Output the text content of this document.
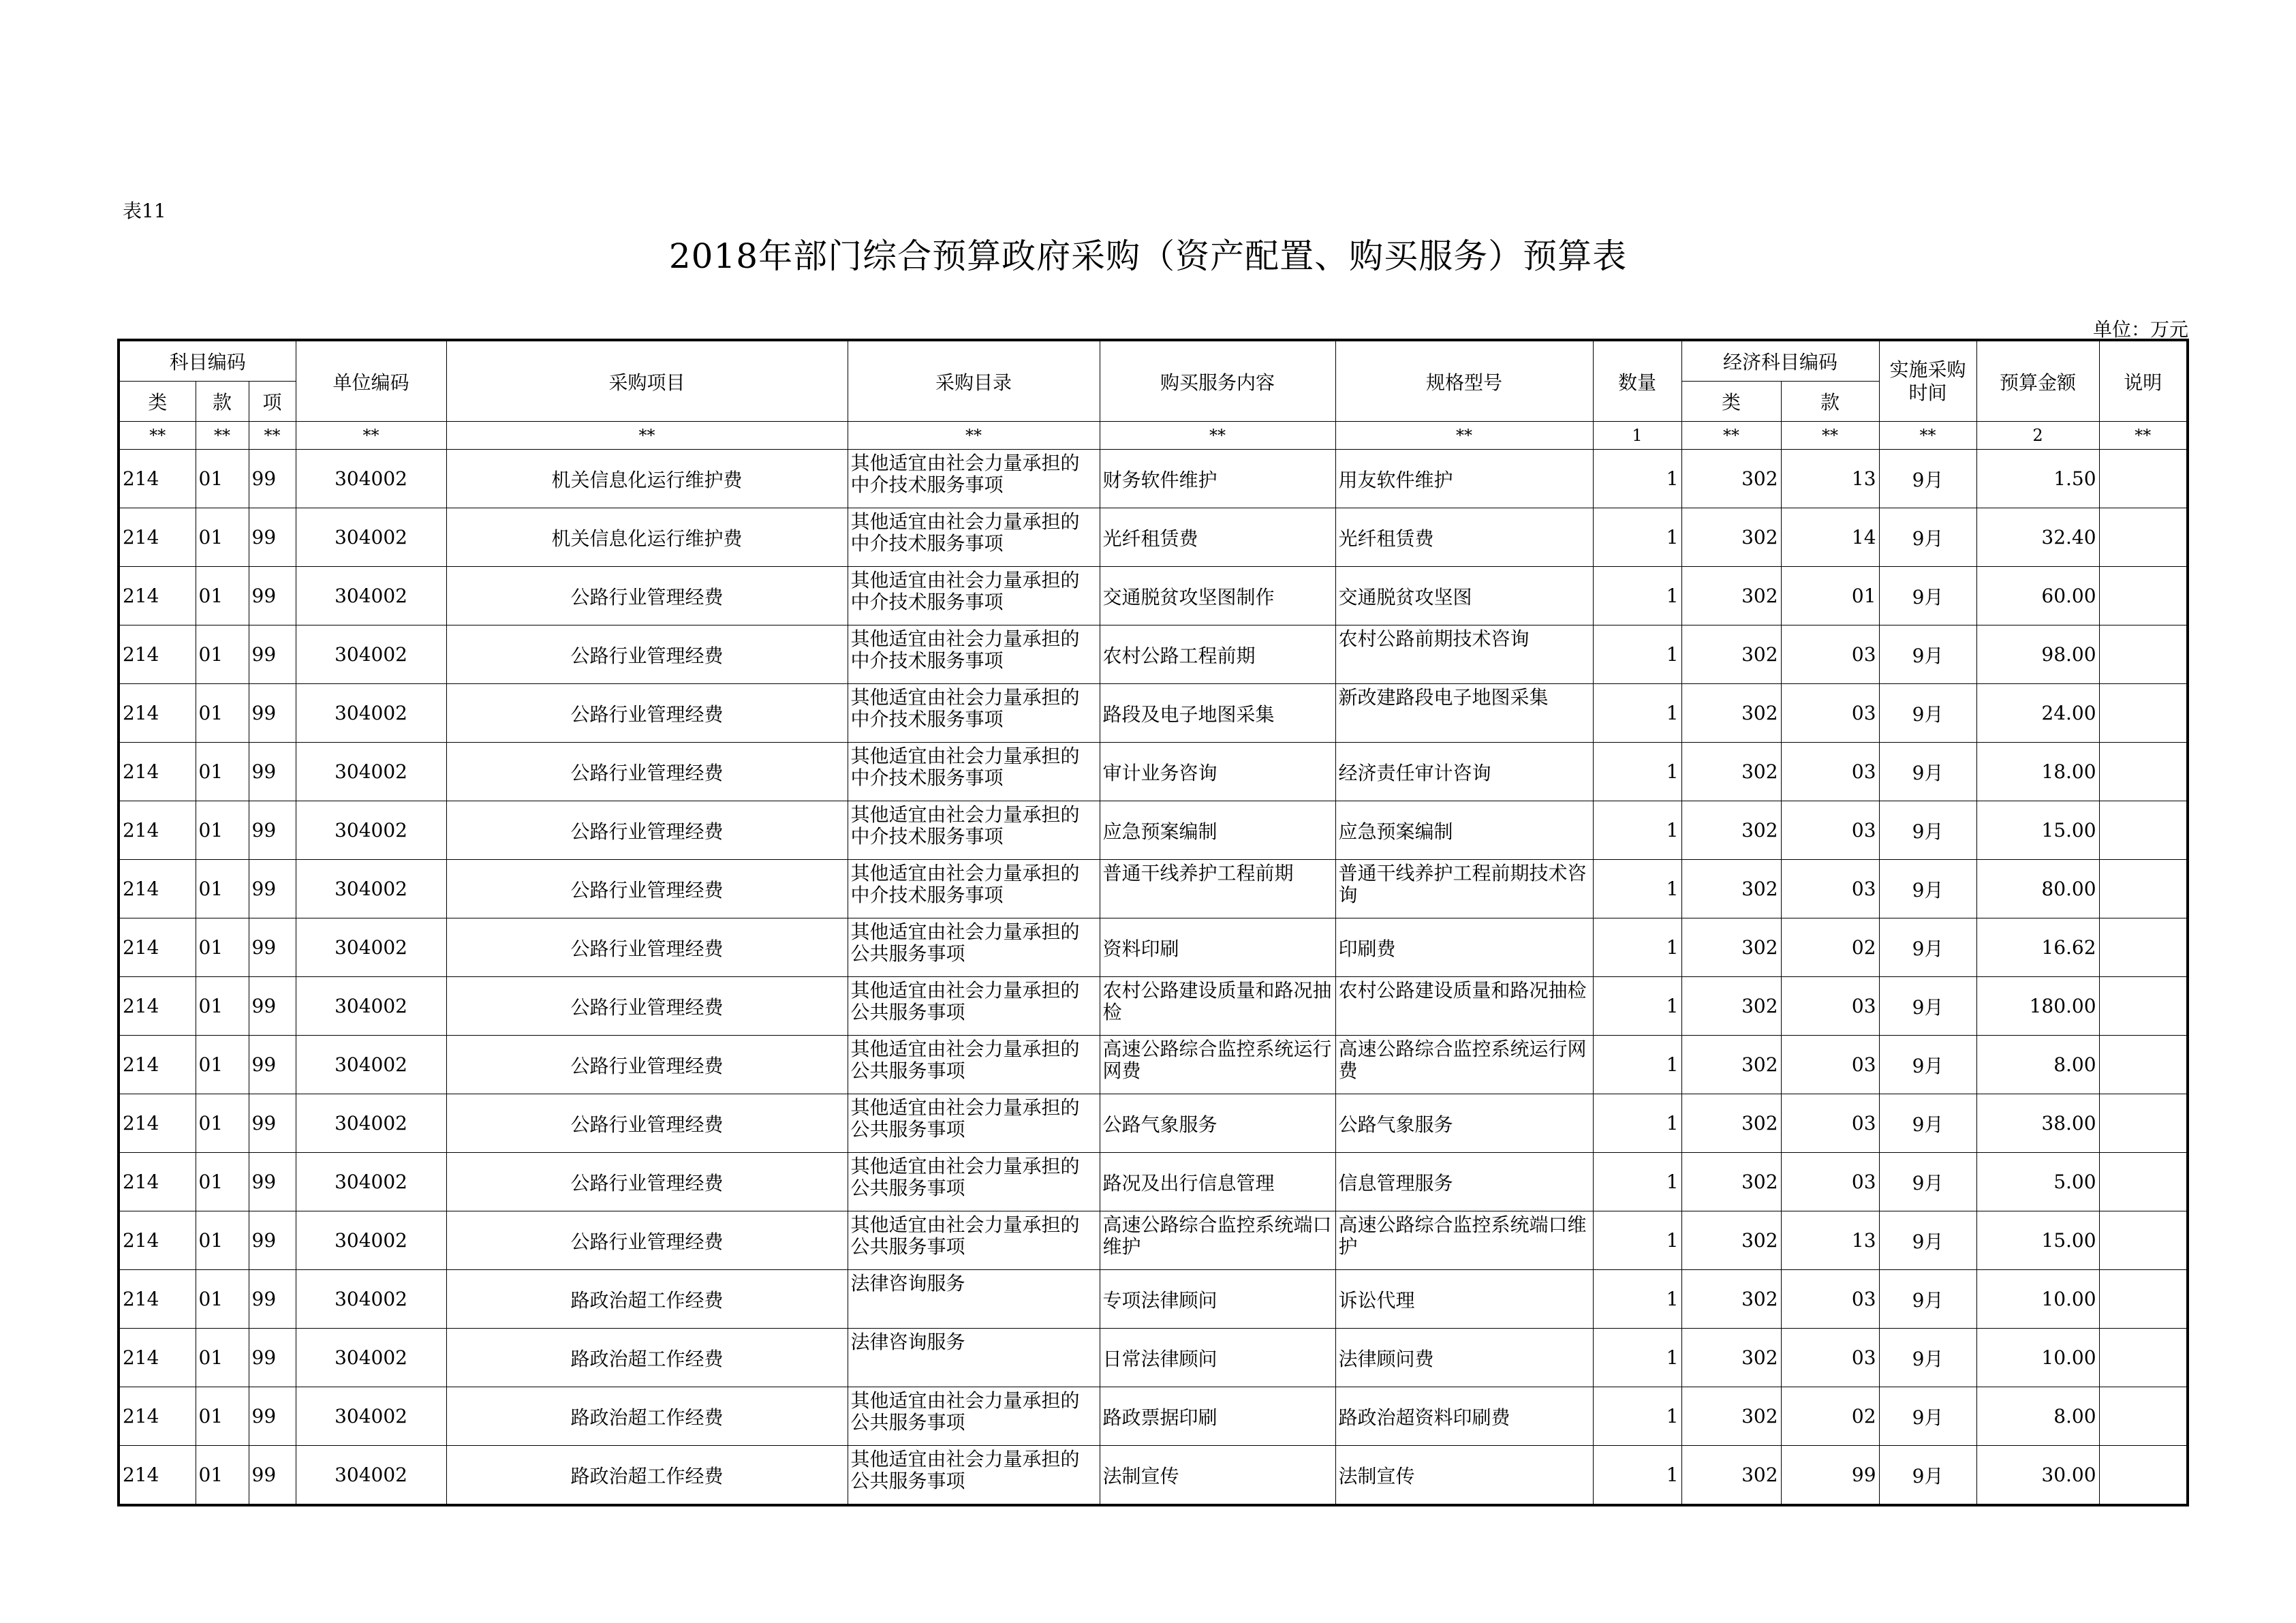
表11
2018年部门综合预算政府采购（资产配置、购买服务）预算表
单位：万元
科目编码			单位编码	采购项目	采购目录	购买服务内容	规格型号	数量	经济科目编码		实施采购时间	预算金额	说明
类	款	项							类	款			
**	**	**	**	**	**	**	**	1	**	**	**	2	**
214	01	99	304002	机关信息化运行维护费	其他适宜由社会力量承担的中介技术服务事项	财务软件维护	用友软件维护	1	302	13	9月	1.50	
214	01	99	304002	机关信息化运行维护费	其他适宜由社会力量承担的中介技术服务事项	光纤租赁费	光纤租赁费	1	302	14	9月	32.40	
214	01	99	304002	公路行业管理经费	其他适宜由社会力量承担的中介技术服务事项	交通脱贫攻坚图制作	交通脱贫攻坚图	1	302	01	9月	60.00	
214	01	99	304002	公路行业管理经费	其他适宜由社会力量承担的中介技术服务事项	农村公路工程前期	农村公路前期技术咨询	1	302	03	9月	98.00	
214	01	99	304002	公路行业管理经费	其他适宜由社会力量承担的中介技术服务事项	路段及电子地图采集	新改建路段电子地图采集	1	302	03	9月	24.00	
214	01	99	304002	公路行业管理经费	其他适宜由社会力量承担的中介技术服务事项	审计业务咨询	经济责任审计咨询	1	302	03	9月	18.00	
214	01	99	304002	公路行业管理经费	其他适宜由社会力量承担的中介技术服务事项	应急预案编制	应急预案编制	1	302	03	9月	15.00	
214	01	99	304002	公路行业管理经费	其他适宜由社会力量承担的中介技术服务事项	普通干线养护工程前期	普通干线养护工程前期技术咨询	1	302	03	9月	80.00	
214	01	99	304002	公路行业管理经费	其他适宜由社会力量承担的公共服务事项	资料印刷	印刷费	1	302	02	9月	16.62	
214	01	99	304002	公路行业管理经费	其他适宜由社会力量承担的公共服务事项	农村公路建设质量和路况抽检	农村公路建设质量和路况抽检	1	302	03	9月	180.00	
214	01	99	304002	公路行业管理经费	其他适宜由社会力量承担的公共服务事项	高速公路综合监控系统运行网费	高速公路综合监控系统运行网费	1	302	03	9月	8.00	
214	01	99	304002	公路行业管理经费	其他适宜由社会力量承担的公共服务事项	公路气象服务	公路气象服务	1	302	03	9月	38.00	
214	01	99	304002	公路行业管理经费	其他适宜由社会力量承担的公共服务事项	路况及出行信息管理	信息管理服务	1	302	03	9月	5.00	
214	01	99	304002	公路行业管理经费	其他适宜由社会力量承担的公共服务事项	高速公路综合监控系统端口维护	高速公路综合监控系统端口维护	1	302	13	9月	15.00	
214	01	99	304002	路政治超工作经费	法律咨询服务	专项法律顾问	诉讼代理	1	302	03	9月	10.00	
214	01	99	304002	路政治超工作经费	法律咨询服务	日常法律顾问	法律顾问费	1	302	03	9月	10.00	
214	01	99	304002	路政治超工作经费	其他适宜由社会力量承担的公共服务事项	路政票据印刷	路政治超资料印刷费	1	302	02	9月	8.00	
214	01	99	304002	路政治超工作经费	其他适宜由社会力量承担的公共服务事项	法制宣传	法制宣传	1	302	99	9月	30.00	
